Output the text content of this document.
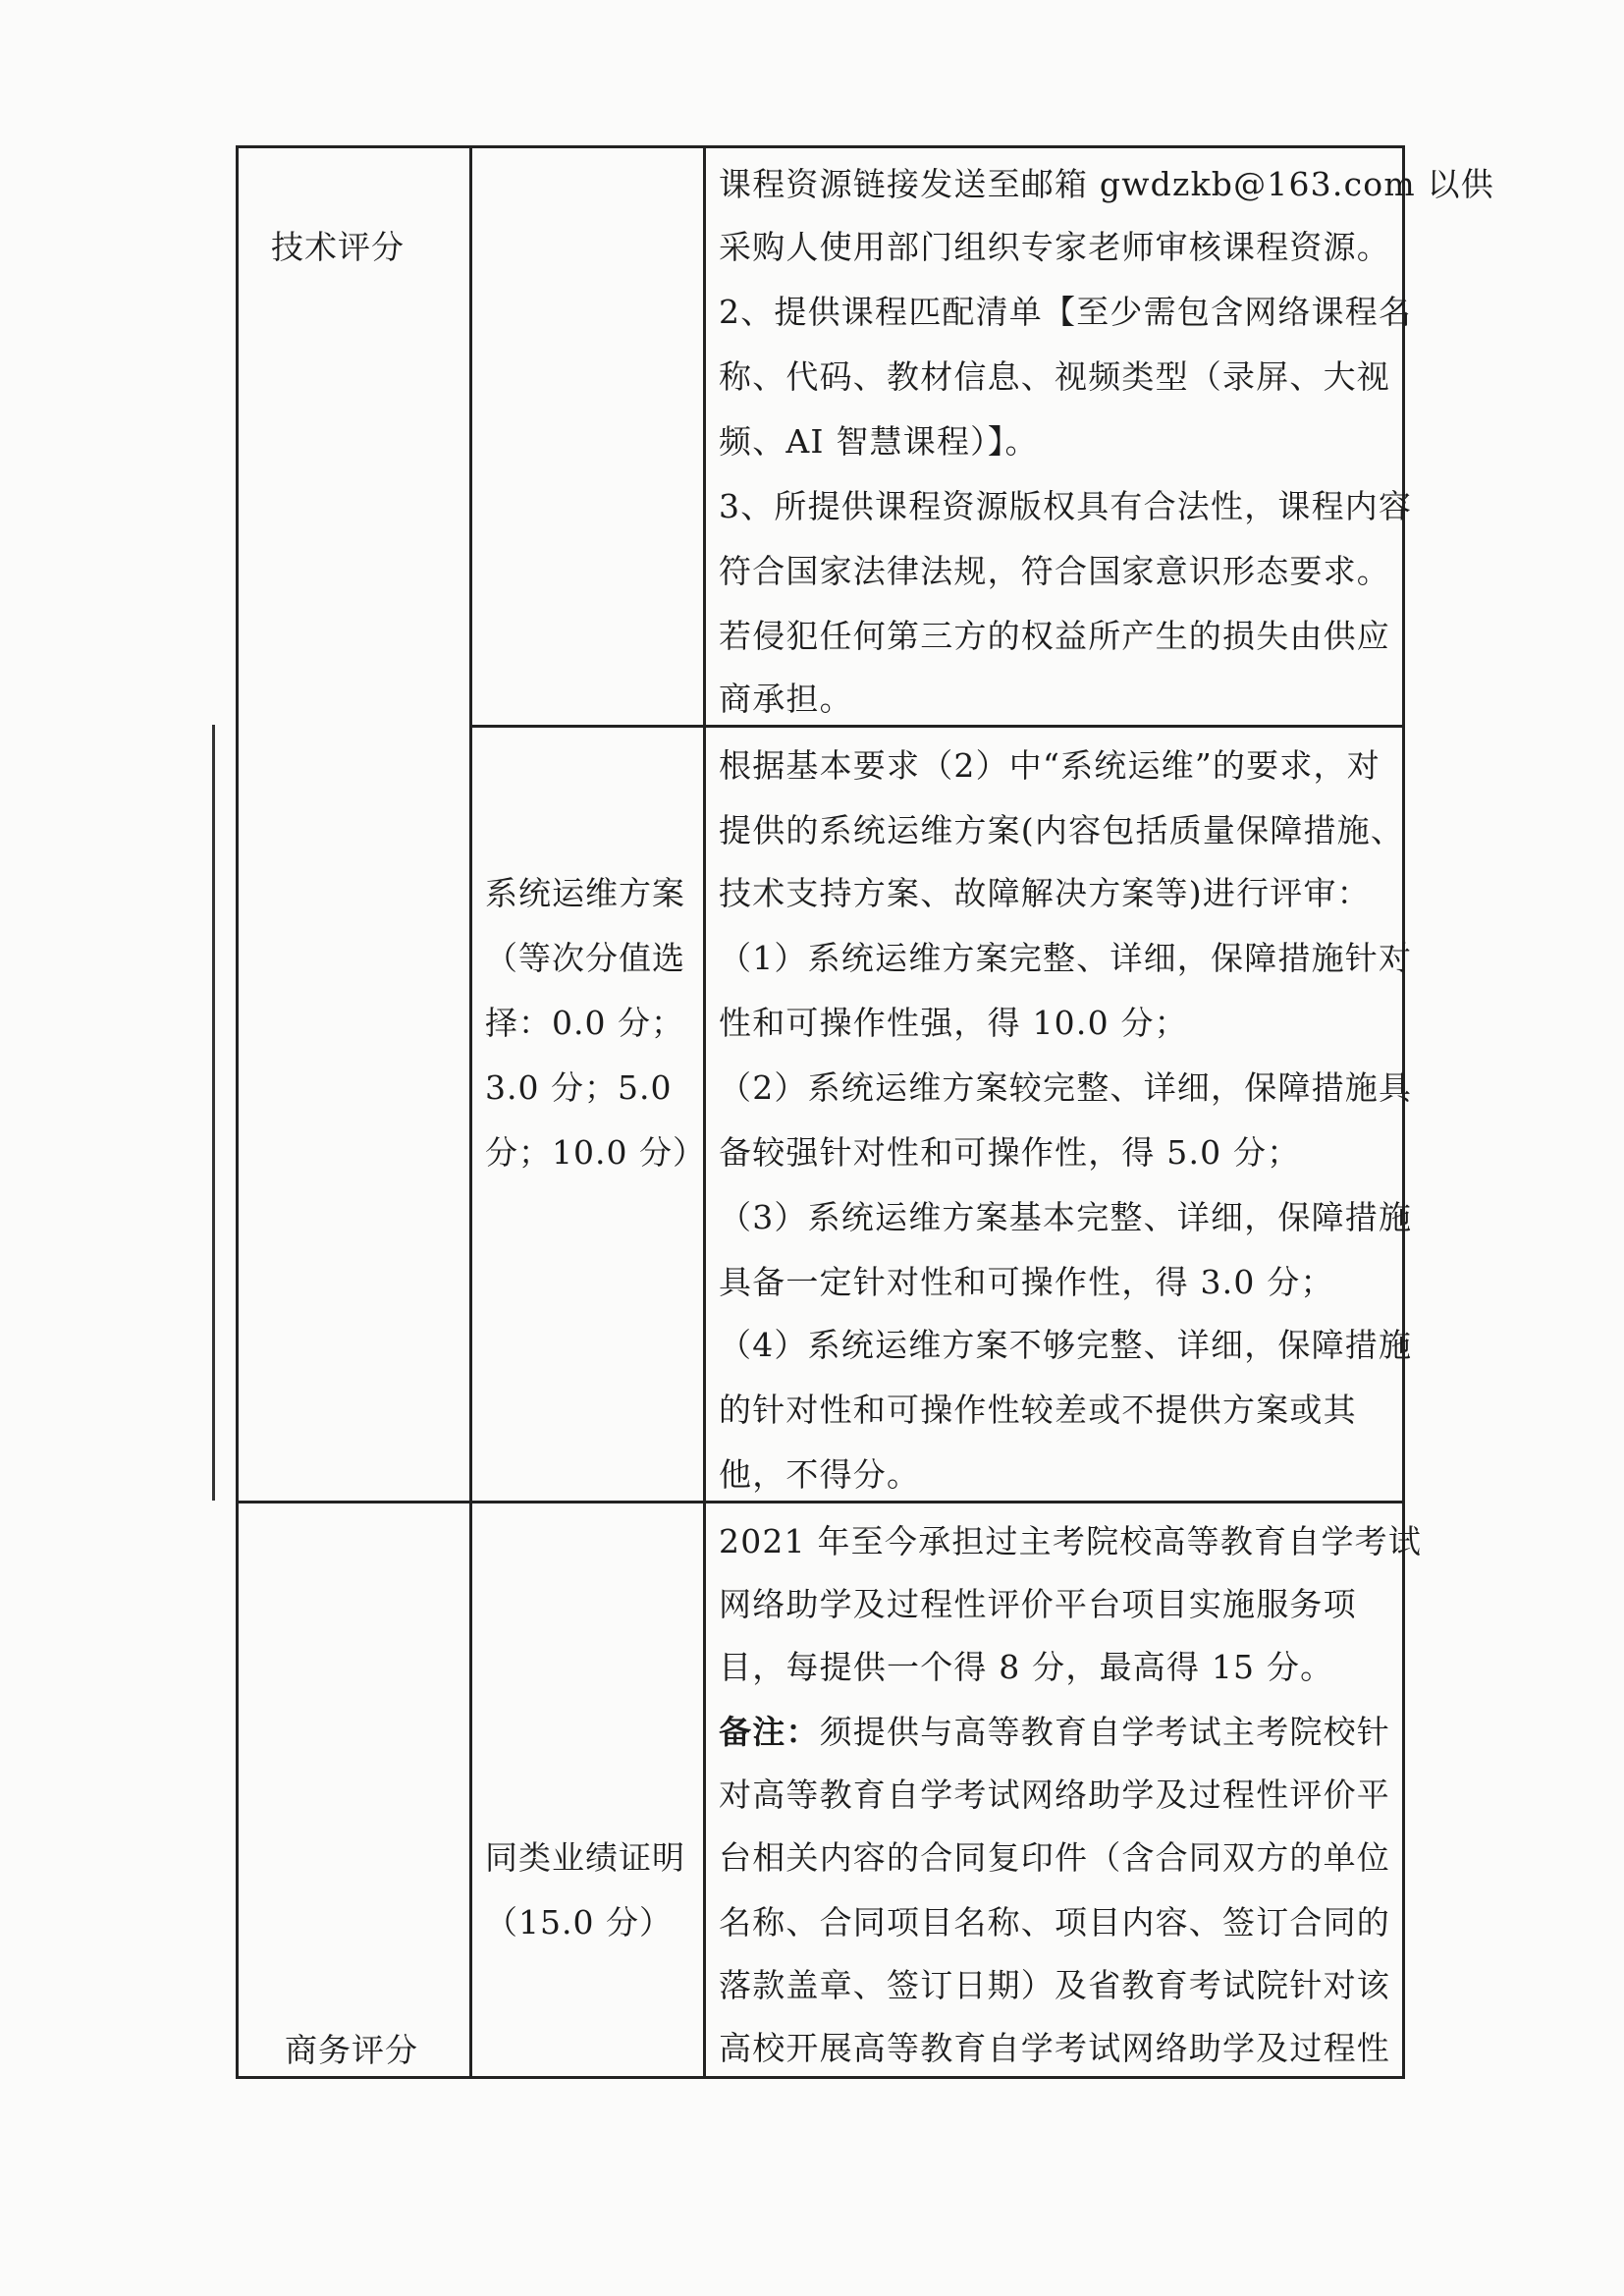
技术评分
商务评分
课程资源链接发送至邮箱 gwdzkb@163.com 以供
采购人使用部门组织专家老师审核课程资源。
2、提供课程匹配清单【至少需包含网络课程名
称、代码、教材信息、视频类型（录屏、大视
频、AI 智慧课程）】。
3、所提供课程资源版权具有合法性，课程内容
符合国家法律法规，符合国家意识形态要求。
若侵犯任何第三方的权益所产生的损失由供应
商承担。
系统运维方案
（等次分值选
择：0.0 分；
3.0 分；5.0
分；10.0 分）
根据基本要求（2）中“系统运维”的要求，对
提供的系统运维方案(内容包括质量保障措施、
技术支持方案、故障解决方案等)进行评审：
（1）系统运维方案完整、详细，保障措施针对
性和可操作性强，得 10.0 分；
（2）系统运维方案较完整、详细，保障措施具
备较强针对性和可操作性，得 5.0 分；
（3）系统运维方案基本完整、详细，保障措施
具备一定针对性和可操作性，得 3.0 分；
（4）系统运维方案不够完整、详细，保障措施
的针对性和可操作性较差或不提供方案或其
他，不得分。
同类业绩证明
（15.0 分）
2021 年至今承担过主考院校高等教育自学考试
网络助学及过程性评价平台项目实施服务项
目，每提供一个得 8 分，最高得 15 分。
备注：须提供与高等教育自学考试主考院校针
对高等教育自学考试网络助学及过程性评价平
台相关内容的合同复印件（含合同双方的单位
名称、合同项目名称、项目内容、签订合同的
落款盖章、签订日期）及省教育考试院针对该
高校开展高等教育自学考试网络助学及过程性
